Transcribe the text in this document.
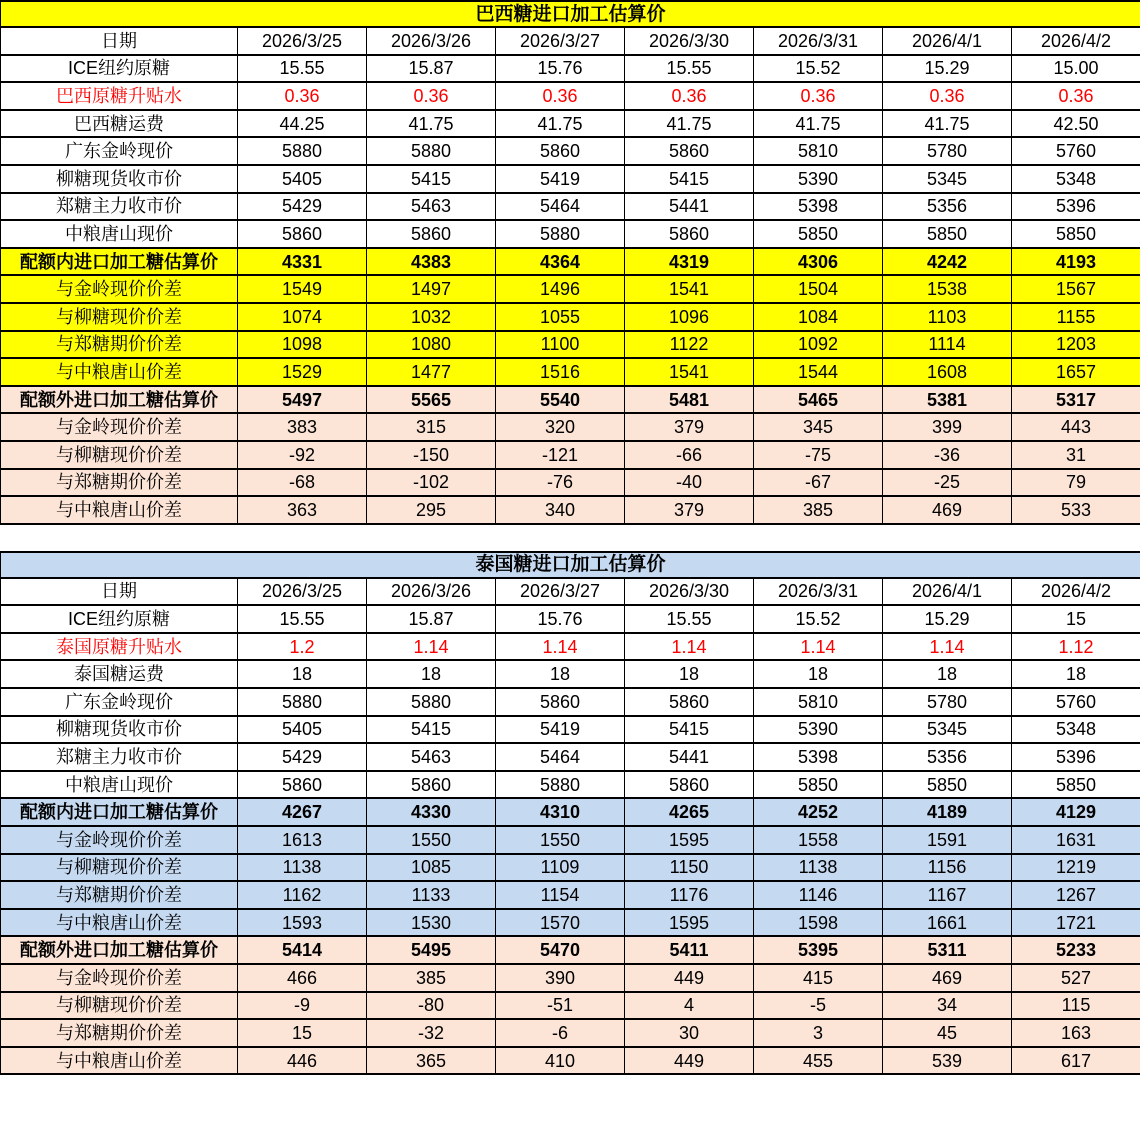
巴西糖进口加工估算价							
日期	2026/3/25	2026/3/26	2026/3/27	2026/3/30	2026/3/31	2026/4/1	2026/4/2
ICE纽约原糖	15.55	15.87	15.76	15.55	15.52	15.29	15.00
巴西原糖升贴水	0.36	0.36	0.36	0.36	0.36	0.36	0.36
巴西糖运费	44.25	41.75	41.75	41.75	41.75	41.75	42.50
广东金岭现价	5880	5880	5860	5860	5810	5780	5760
柳糖现货收市价	5405	5415	5419	5415	5390	5345	5348
郑糖主力收市价	5429	5463	5464	5441	5398	5356	5396
中粮唐山现价	5860	5860	5880	5860	5850	5850	5850
配额内进口加工糖估算价	4331	4383	4364	4319	4306	4242	4193
与金岭现价价差	1549	1497	1496	1541	1504	1538	1567
与柳糖现价价差	1074	1032	1055	1096	1084	1103	1155
与郑糖期价价差	1098	1080	1100	1122	1092	1114	1203
与中粮唐山价差	1529	1477	1516	1541	1544	1608	1657
配额外进口加工糖估算价	5497	5565	5540	5481	5465	5381	5317
与金岭现价价差	383	315	320	379	345	399	443
与柳糖现价价差	-92	-150	-121	-66	-75	-36	31
与郑糖期价价差	-68	-102	-76	-40	-67	-25	79
与中粮唐山价差	363	295	340	379	385	469	533
泰国糖进口加工估算价							
日期	2026/3/25	2026/3/26	2026/3/27	2026/3/30	2026/3/31	2026/4/1	2026/4/2
ICE纽约原糖	15.55	15.87	15.76	15.55	15.52	15.29	15
泰国原糖升贴水	1.2	1.14	1.14	1.14	1.14	1.14	1.12
泰国糖运费	18	18	18	18	18	18	18
广东金岭现价	5880	5880	5860	5860	5810	5780	5760
柳糖现货收市价	5405	5415	5419	5415	5390	5345	5348
郑糖主力收市价	5429	5463	5464	5441	5398	5356	5396
中粮唐山现价	5860	5860	5880	5860	5850	5850	5850
配额内进口加工糖估算价	4267	4330	4310	4265	4252	4189	4129
与金岭现价价差	1613	1550	1550	1595	1558	1591	1631
与柳糖现价价差	1138	1085	1109	1150	1138	1156	1219
与郑糖期价价差	1162	1133	1154	1176	1146	1167	1267
与中粮唐山价差	1593	1530	1570	1595	1598	1661	1721
配额外进口加工糖估算价	5414	5495	5470	5411	5395	5311	5233
与金岭现价价差	466	385	390	449	415	469	527
与柳糖现价价差	-9	-80	-51	4	-5	34	115
与郑糖期价价差	15	-32	-6	30	3	45	163
与中粮唐山价差	446	365	410	449	455	539	617
